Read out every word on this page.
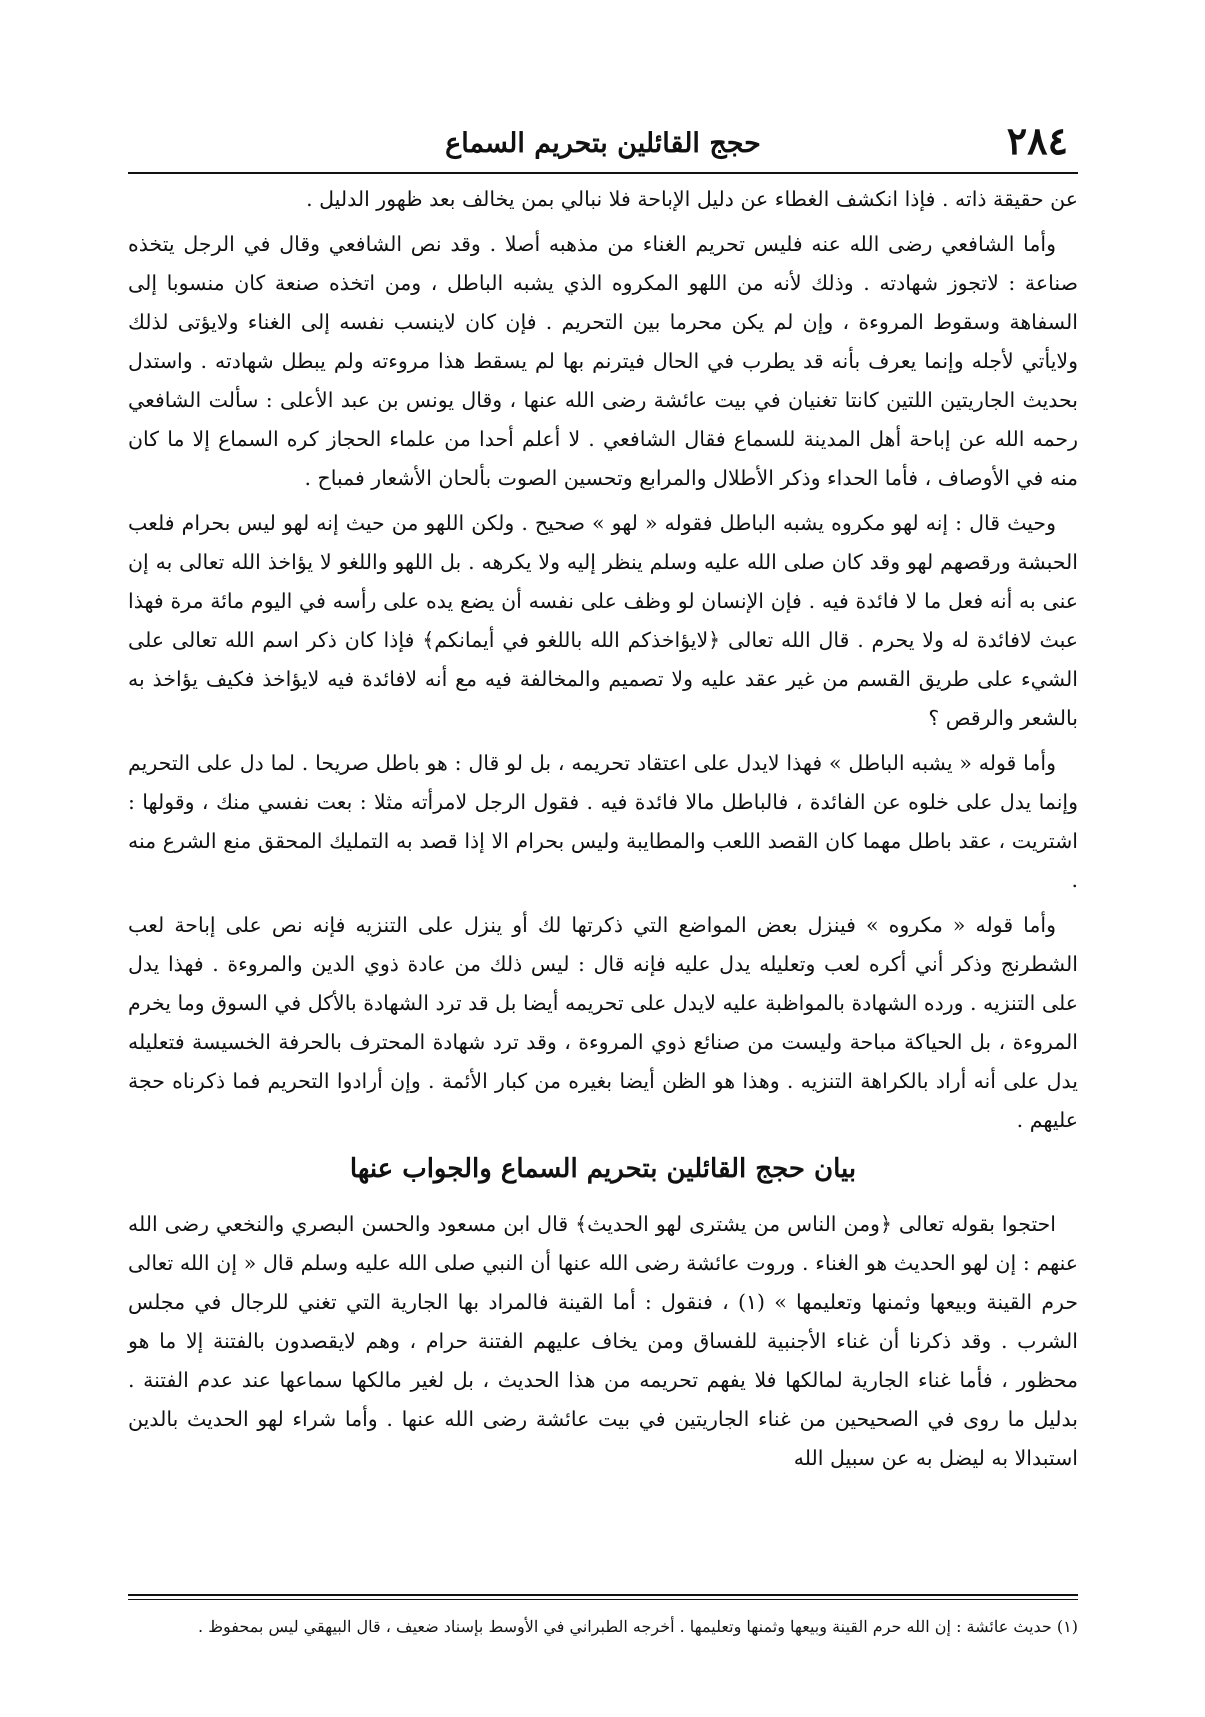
٢٨٤
حجج القائلين بتحريم السماع

عن حقيقة ذاته . فإذا انكشف الغطاء عن دليل الإباحة فلا نبالي بمن يخالف بعد ظهور الدليل .

وأما الشافعي رضى الله عنه فليس تحريم الغناء من مذهبه أصلا . وقد نص الشافعي وقال في الرجل يتخذه صناعة : لاتجوز شهادته . وذلك لأنه من اللهو المكروه الذي يشبه الباطل ، ومن اتخذه صنعة كان منسوبا إلى السفاهة وسقوط المروءة ، وإن لم يكن محرما بين التحريم . فإن كان لاينسب نفسه إلى الغناء ولايؤتى لذلك ولايأتي لأجله وإنما يعرف بأنه قد يطرب في الحال فيترنم بها لم يسقط هذا مروءته ولم يبطل شهادته . واستدل بحديث الجاريتين اللتين كانتا تغنيان في بيت عائشة رضى الله عنها ، وقال يونس بن عبد الأعلى : سألت الشافعي رحمه الله عن إباحة أهل المدينة للسماع فقال الشافعي . لا أعلم أحدا من علماء الحجاز كره السماع إلا ما كان منه في الأوصاف ، فأما الحداء وذكر الأطلال والمرابع وتحسين الصوت بألحان الأشعار فمباح .

وحيث قال : إنه لهو مكروه يشبه الباطل فقوله « لهو » صحيح . ولكن اللهو من حيث إنه لهو ليس بحرام فلعب الحبشة ورقصهم لهو وقد كان صلى الله عليه وسلم ينظر إليه ولا يكرهه . بل اللهو واللغو لا يؤاخذ الله تعالى به إن عنى به أنه فعل ما لا فائدة فيه . فإن الإنسان لو وظف على نفسه أن يضع يده على رأسه في اليوم مائة مرة فهذا عبث لافائدة له ولا يحرم . قال الله تعالى ﴿لايؤاخذكم الله باللغو في أيمانكم﴾ فإذا كان ذكر اسم الله تعالى على الشيء على طريق القسم من غير عقد عليه ولا تصميم والمخالفة فيه مع أنه لافائدة فيه لايؤاخذ فكيف يؤاخذ به بالشعر والرقص ؟

وأما قوله « يشبه الباطل » فهذا لايدل على اعتقاد تحريمه ، بل لو قال : هو باطل صريحا . لما دل على التحريم وإنما يدل على خلوه عن الفائدة ، فالباطل مالا فائدة فيه . فقول الرجل لامرأته مثلا : بعت نفسي منك ، وقولها : اشتريت ، عقد باطل مهما كان القصد اللعب والمطايبة وليس بحرام الا إذا قصد به التمليك المحقق منع الشرع منه .

وأما قوله « مكروه » فينزل بعض المواضع التي ذكرتها لك أو ينزل على التنزيه فإنه نص على إباحة لعب الشطرنج وذكر أني أكره لعب وتعليله يدل عليه فإنه قال : ليس ذلك من عادة ذوي الدين والمروءة . فهذا يدل على التنزيه . ورده الشهادة بالمواظبة عليه لايدل على تحريمه أيضا بل قد ترد الشهادة بالأكل في السوق وما يخرم المروءة ، بل الحياكة مباحة وليست من صنائع ذوي المروءة ، وقد ترد شهادة المحترف بالحرفة الخسيسة فتعليله يدل على أنه أراد بالكراهة التنزيه . وهذا هو الظن أيضا بغيره من كبار الأئمة . وإن أرادوا التحريم فما ذكرناه حجة عليهم .

بيان حجج القائلين بتحريم السماع والجواب عنها

احتجوا بقوله تعالى ﴿ومن الناس من يشترى لهو الحديث﴾ قال ابن مسعود والحسن البصري والنخعي رضى الله عنهم : إن لهو الحديث هو الغناء . وروت عائشة رضى الله عنها أن النبي صلى الله عليه وسلم قال « إن الله تعالى حرم القينة وبيعها وثمنها وتعليمها » (١) ، فنقول : أما القينة فالمراد بها الجارية التي تغني للرجال في مجلس الشرب . وقد ذكرنا أن غناء الأجنبية للفساق ومن يخاف عليهم الفتنة حرام ، وهم لايقصدون بالفتنة إلا ما هو محظور ، فأما غناء الجارية لمالكها فلا يفهم تحريمه من هذا الحديث ، بل لغير مالكها سماعها عند عدم الفتنة . بدليل ما روى في الصحيحين من غناء الجاريتين في بيت عائشة رضى الله عنها . وأما شراء لهو الحديث بالدين استبدالا به ليضل به عن سبيل الله

(١) حديث عائشة : إن الله حرم القينة وبيعها وثمنها وتعليمها . أخرجه الطبراني في الأوسط بإسناد ضعيف ، قال البيهقي ليس بمحفوظ .
